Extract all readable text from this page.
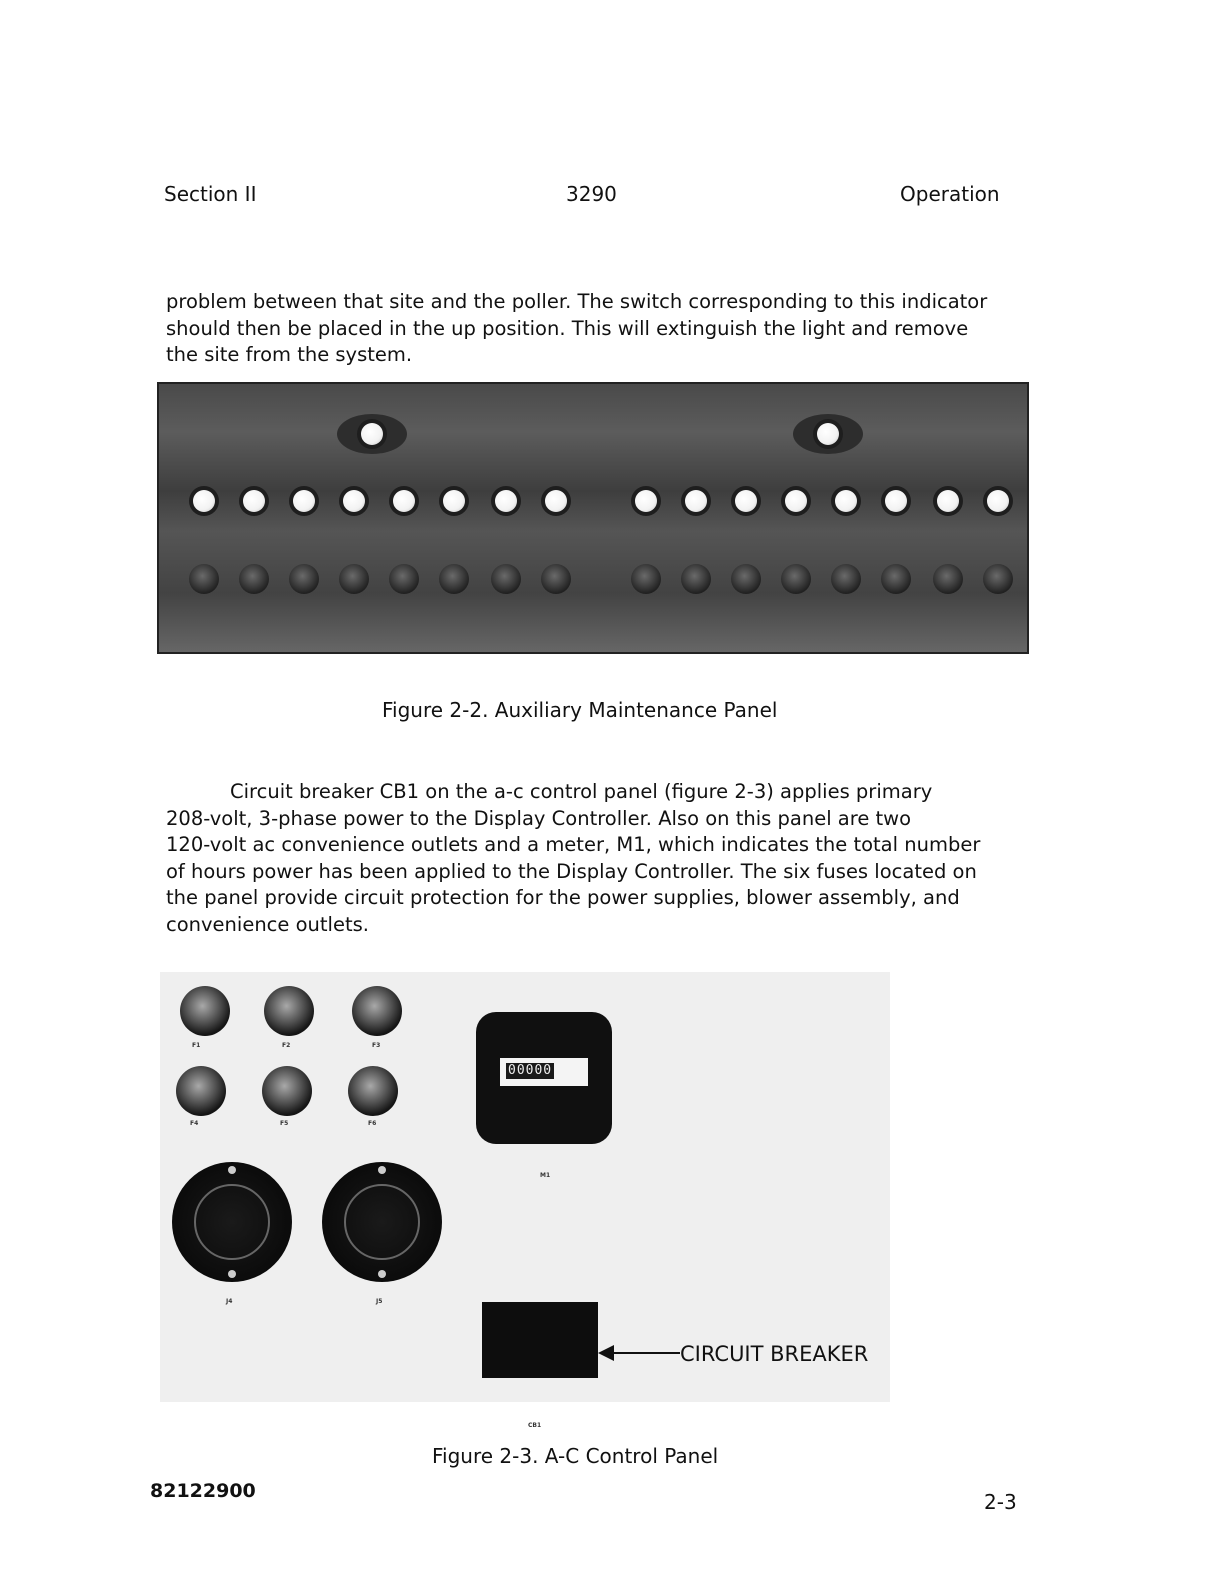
Section II	3290	Operation

problem between that site and the poller. The switch corresponding to this indicator
should then be placed in the up position. This will extinguish the light and remove
the site from the system.

Figure 2-2. Auxiliary Maintenance Panel

Circuit breaker CB1 on the a-c control panel (figure 2-3) applies primary
208-volt, 3-phase power to the Display Controller. Also on this panel are two
120-volt ac convenience outlets and a meter, M1, which indicates the total number
of hours power has been applied to the Display Controller. The six fuses located on
the panel provide circuit protection for the power supplies, blower assembly, and
convenience outlets.

F1	F2	F3
F4	F5	F6
00000
M1
J4	J5
CB1
CIRCUIT BREAKER
Figure 2-3. A-C Control Panel
82122900	2-3
